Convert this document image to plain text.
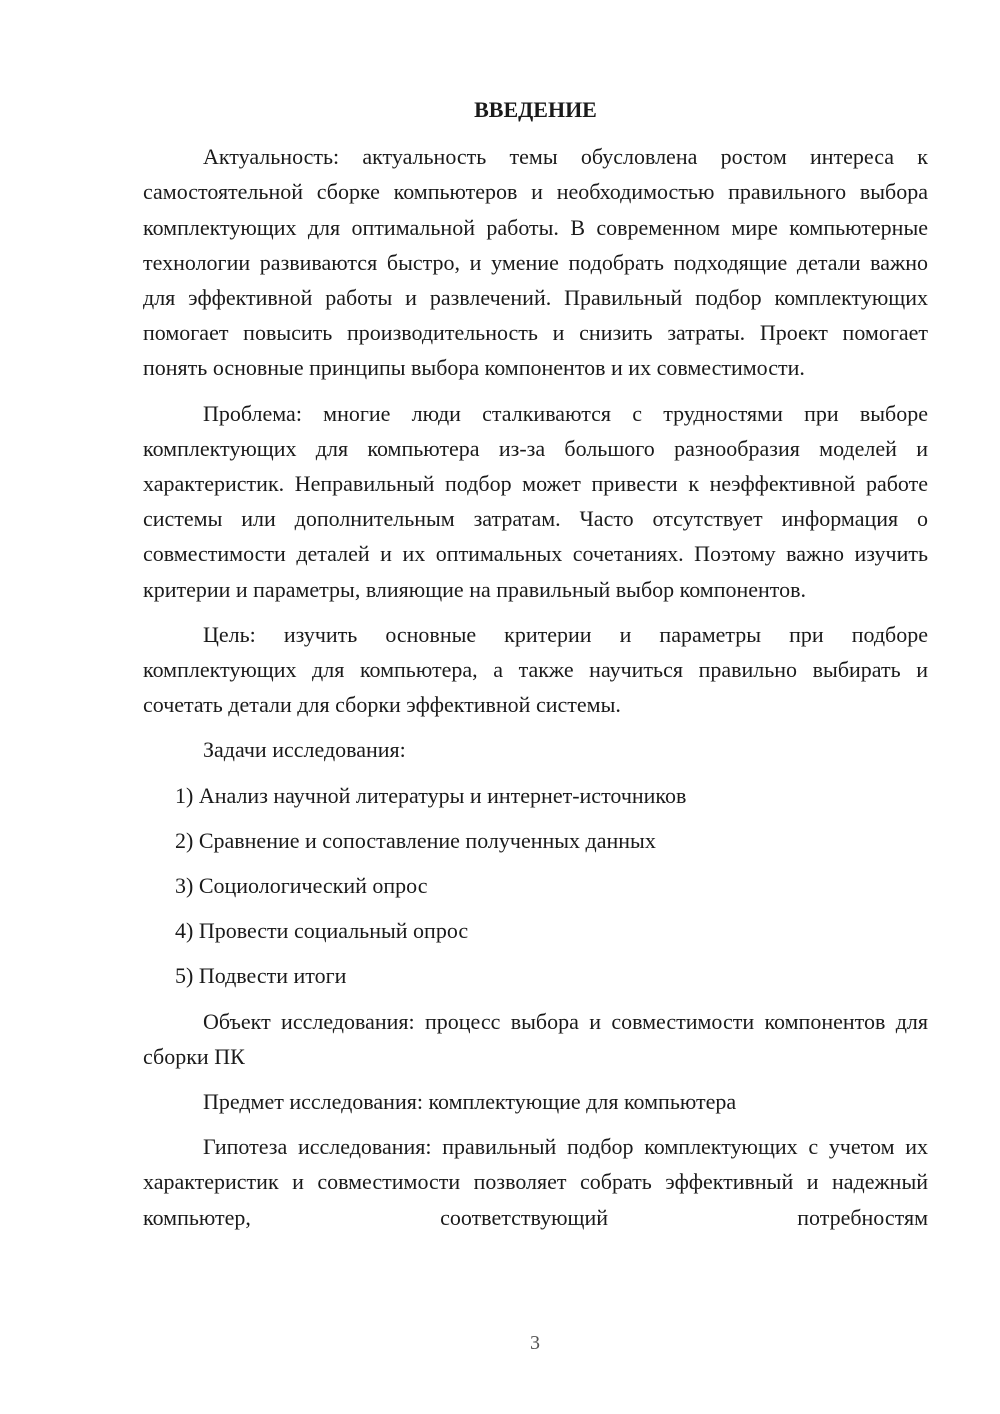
ВВЕДЕНИЕ

Актуальность: актуальность темы обусловлена ростом интереса к самостоятельной сборке компьютеров и необходимостью правильного выбора комплектующих для оптимальной работы. В современном мире компьютерные технологии развиваются быстро, и умение подобрать подходящие детали важно для эффективной работы и развлечений. Правильный подбор комплектующих помогает повысить производительность и снизить затраты. Проект помогает понять основные принципы выбора компонентов и их совместимости.

Проблема: многие люди сталкиваются с трудностями при выборе комплектующих для компьютера из-за большого разнообразия моделей и характеристик. Неправильный подбор может привести к неэффективной работе системы или дополнительным затратам. Часто отсутствует информация о совместимости деталей и их оптимальных сочетаниях. Поэтому важно изучить критерии и параметры, влияющие на правильный выбор компонентов.

Цель: изучить основные критерии и параметры при подборе комплектующих для компьютера, а также научиться правильно выбирать и сочетать детали для сборки эффективной системы.

Задачи исследования:

1) Анализ научной литературы и интернет-источников

2) Сравнение и сопоставление полученных данных

3) Социологический опрос

4) Провести социальный опрос

5) Подвести итоги

Объект исследования: процесс выбора и совместимости компонентов для сборки ПК

Предмет исследования: комплектующие для компьютера

Гипотеза исследования: правильный подбор комплектующих с учетом их характеристик и совместимости позволяет собрать эффективный и надежный компьютер, соответствующий потребностям

3
